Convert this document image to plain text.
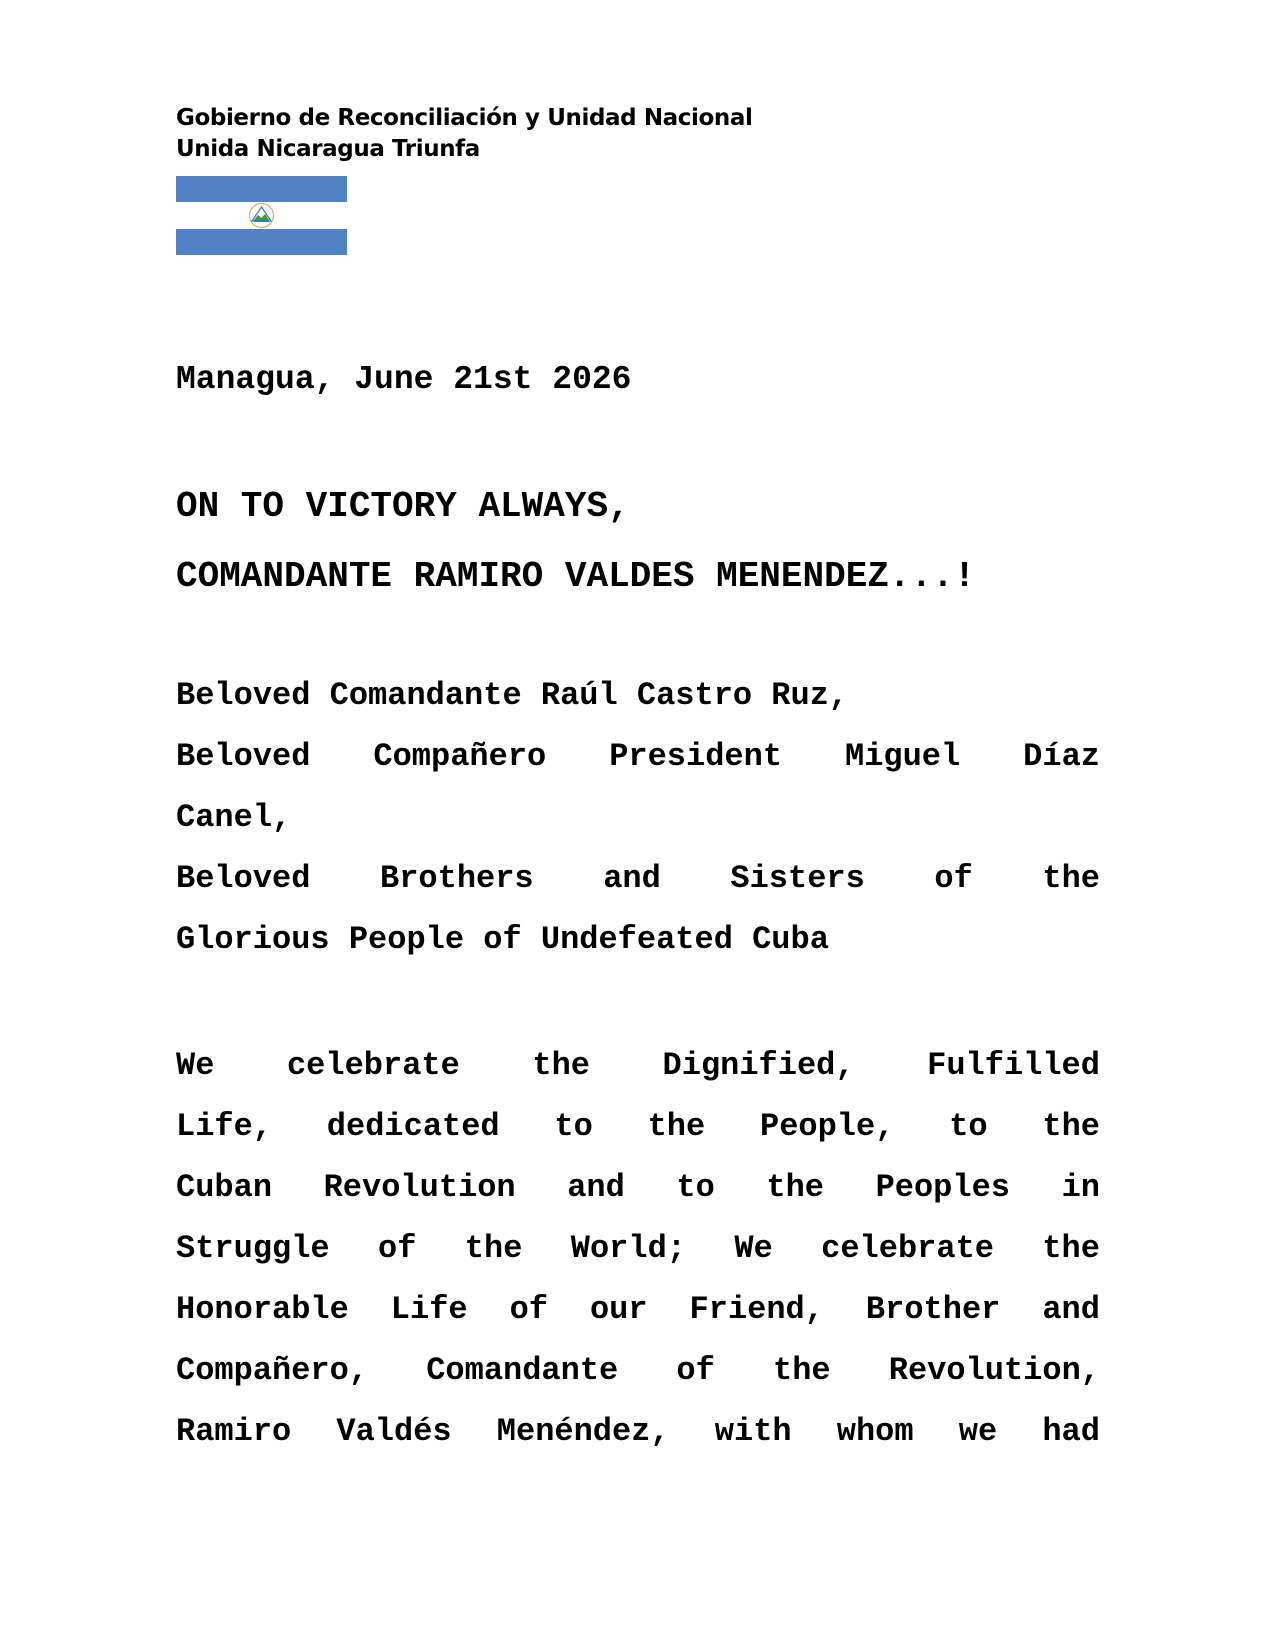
Gobierno de Reconciliación y Unidad Nacional
Unida Nicaragua Triunfa
Managua, June 21st 2026
ON TO VICTORY ALWAYS,
COMANDANTE RAMIRO VALDES MENENDEZ...!
Beloved Comandante Raúl Castro Ruz,
Beloved Compañero President Miguel Díaz
Canel,
Beloved Brothers and Sisters of the
Glorious People of Undefeated Cuba
We celebrate the Dignified, Fulfilled
Life, dedicated to the People, to the
Cuban Revolution and to the Peoples in
Struggle of the World; We celebrate the
Honorable Life of our Friend, Brother and
Compañero, Comandante of the Revolution,
Ramiro Valdés Menéndez, with whom we had
